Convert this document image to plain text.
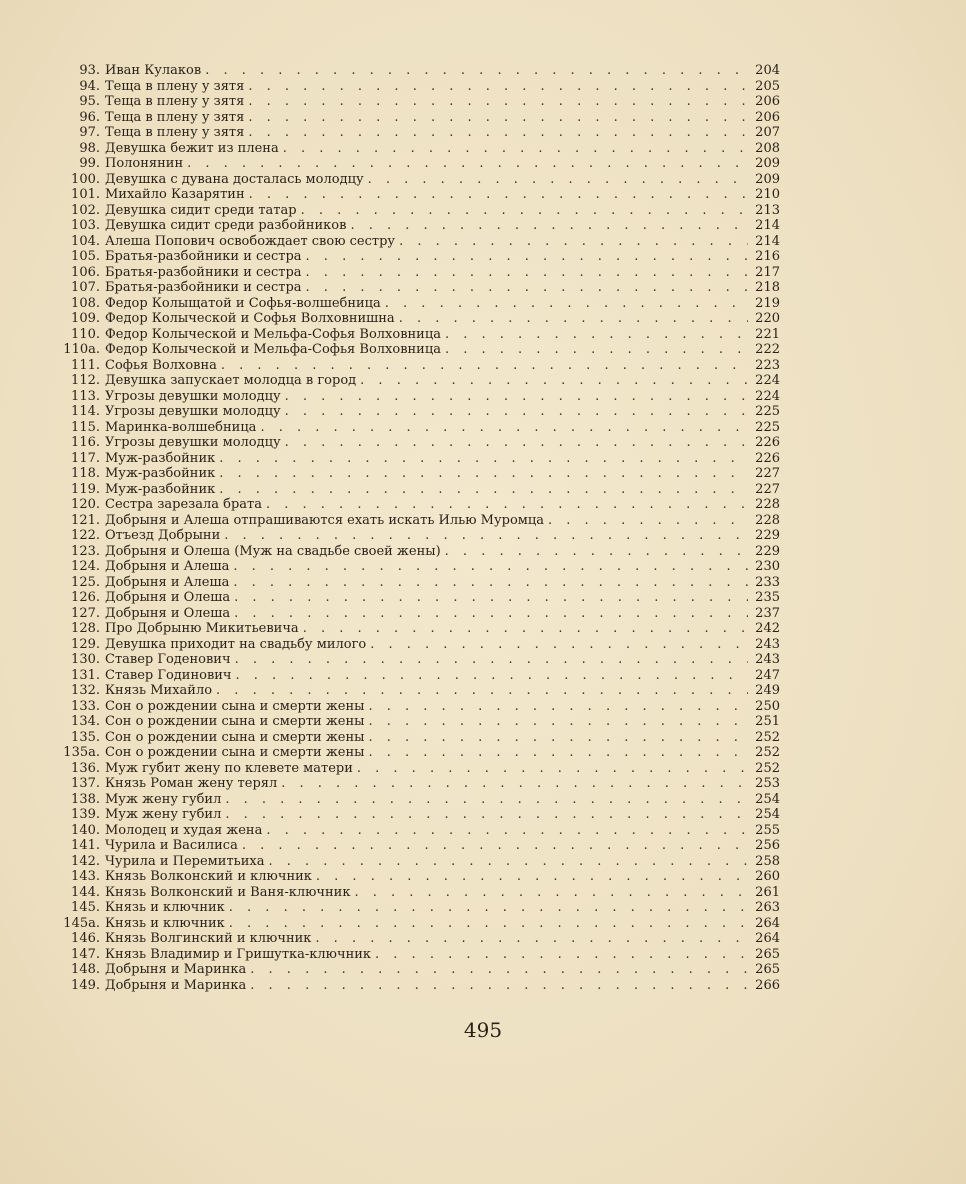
93. Иван Кулаков . . .	204
94. Теща в плену у зятя . . .	205
95. Теща в плену у зятя . . .	206
96. Теща в плену у зятя . . .	206
97. Теща в плену у зятя . . .	207
98. Девушка бежит из плена . . .	208
99. Полонянин . . .	209
100. Девушка с дувана досталась молодцу . . .	209
101. Михайло Казарятин . . .	210
102. Девушка сидит среди татар . . .	213
103. Девушка сидит среди разбойников . . .	214
104. Алеша Попович освобождает свою сестру . . .	214
105. Братья-разбойники и сестра . . .	216
106. Братья-разбойники и сестра . . .	217
107. Братья-разбойники и сестра . . .	218
108. Федор Колыщатой и Софья-волшебница . . .	219
109. Федор Колыческой и Софья Волховнишна . . .	220
110. Федор Колыческой и Мельфа-Софья Волховница . . .	221
110а. Федор Колыческой и Мельфа-Софья Волховница . . .	222
111. Софья Волховна . . .	223
112. Девушка запускает молодца в город . . .	224
113. Угрозы девушки молодцу . . .	224
114. Угрозы девушки молодцу . . .	225
115. Маринка-волшебница . . .	225
116. Угрозы девушки молодцу . . .	226
117. Муж-разбойник . . .	226
118. Муж-разбойник . . .	227
119. Муж-разбойник . . .	227
120. Сестра зарезала брата . . .	228
121. Добрыня и Алеша отпрашиваются ехать искать Илью Муромца . . .	228
122. Отъезд Добрыни . . .	229
123. Добрыня и Олеша (Муж на свадьбе своей жены) . . .	229
124. Добрыня и Алеша . . .	230
125. Добрыня и Алеша . . .	233
126. Добрыня и Олеша . . .	235
127. Добрыня и Олеша . . .	237
128. Про Добрыню Микитьевича . . .	242
129. Девушка приходит на свадьбу милого . . .	243
130. Ставер Годенович . . .	243
131. Ставер Годинович . . .	247
132. Князь Михайло . . .	249
133. Сон о рождении сына и смерти жены . . .	250
134. Сон о рождении сына и смерти жены . . .	251
135. Сон о рождении сына и смерти жены . . .	252
135а. Сон о рождении сына и смерти жены . . .	252
136. Муж губит жену по клевете матери . . .	252
137. Князь Роман жену терял . . .	253
138. Муж жену губил . . .	254
139. Муж жену губил . . .	254
140. Молодец и худая жена . . .	255
141. Чурила и Василиса . . .	256
142. Чурила и Перемитьиха . . .	258
143. Князь Волконский и ключник . . .	260
144. Князь Волконский и Ваня-ключник . . .	261
145. Князь и ключник . . .	263
145а. Князь и ключник . . .	264
146. Князь Волгинский и ключник . . .	264
147. Князь Владимир и Гришутка-ключник . . .	265
148. Добрыня и Маринка . . .	265
149. Добрыня и Маринка . . .	266
495
